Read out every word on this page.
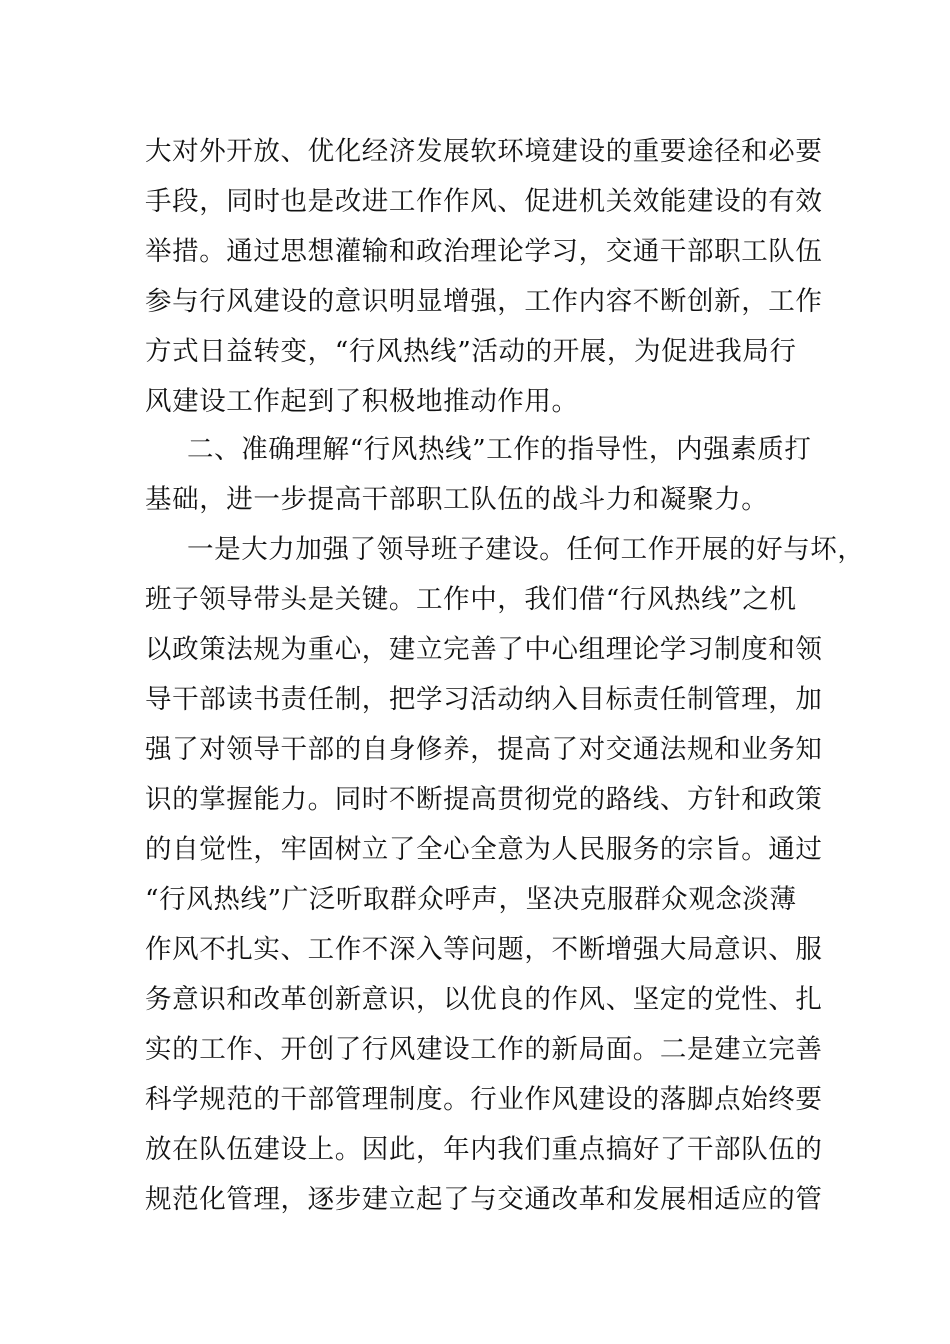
大对外开放、优化经济发展软环境建设的重要途径和必要
手段，同时也是改进工作作风、促进机关效能建设的有效
举措。通过思想灌输和政治理论学习，交通干部职工队伍
参与行风建设的意识明显增强，工作内容不断创新，工作
方式日益转变，“行风热线”活动的开展，为促进我局行
风建设工作起到了积极地推动作用。
二、准确理解“行风热线”工作的指导性，内强素质打
基础，进一步提高干部职工队伍的战斗力和凝聚力。
一是大力加强了领导班子建设。任何工作开展的好与坏，
班子领导带头是关键。工作中，我们借“行风热线”之机
以政策法规为重心，建立完善了中心组理论学习制度和领
导干部读书责任制，把学习活动纳入目标责任制管理，加
强了对领导干部的自身修养，提高了对交通法规和业务知
识的掌握能力。同时不断提高贯彻党的路线、方针和政策
的自觉性，牢固树立了全心全意为人民服务的宗旨。通过
“行风热线”广泛听取群众呼声，坚决克服群众观念淡薄
作风不扎实、工作不深入等问题，不断增强大局意识、服
务意识和改革创新意识，以优良的作风、坚定的党性、扎
实的工作、开创了行风建设工作的新局面。二是建立完善
科学规范的干部管理制度。行业作风建设的落脚点始终要
放在队伍建设上。因此，年内我们重点搞好了干部队伍的
规范化管理，逐步建立起了与交通改革和发展相适应的管
